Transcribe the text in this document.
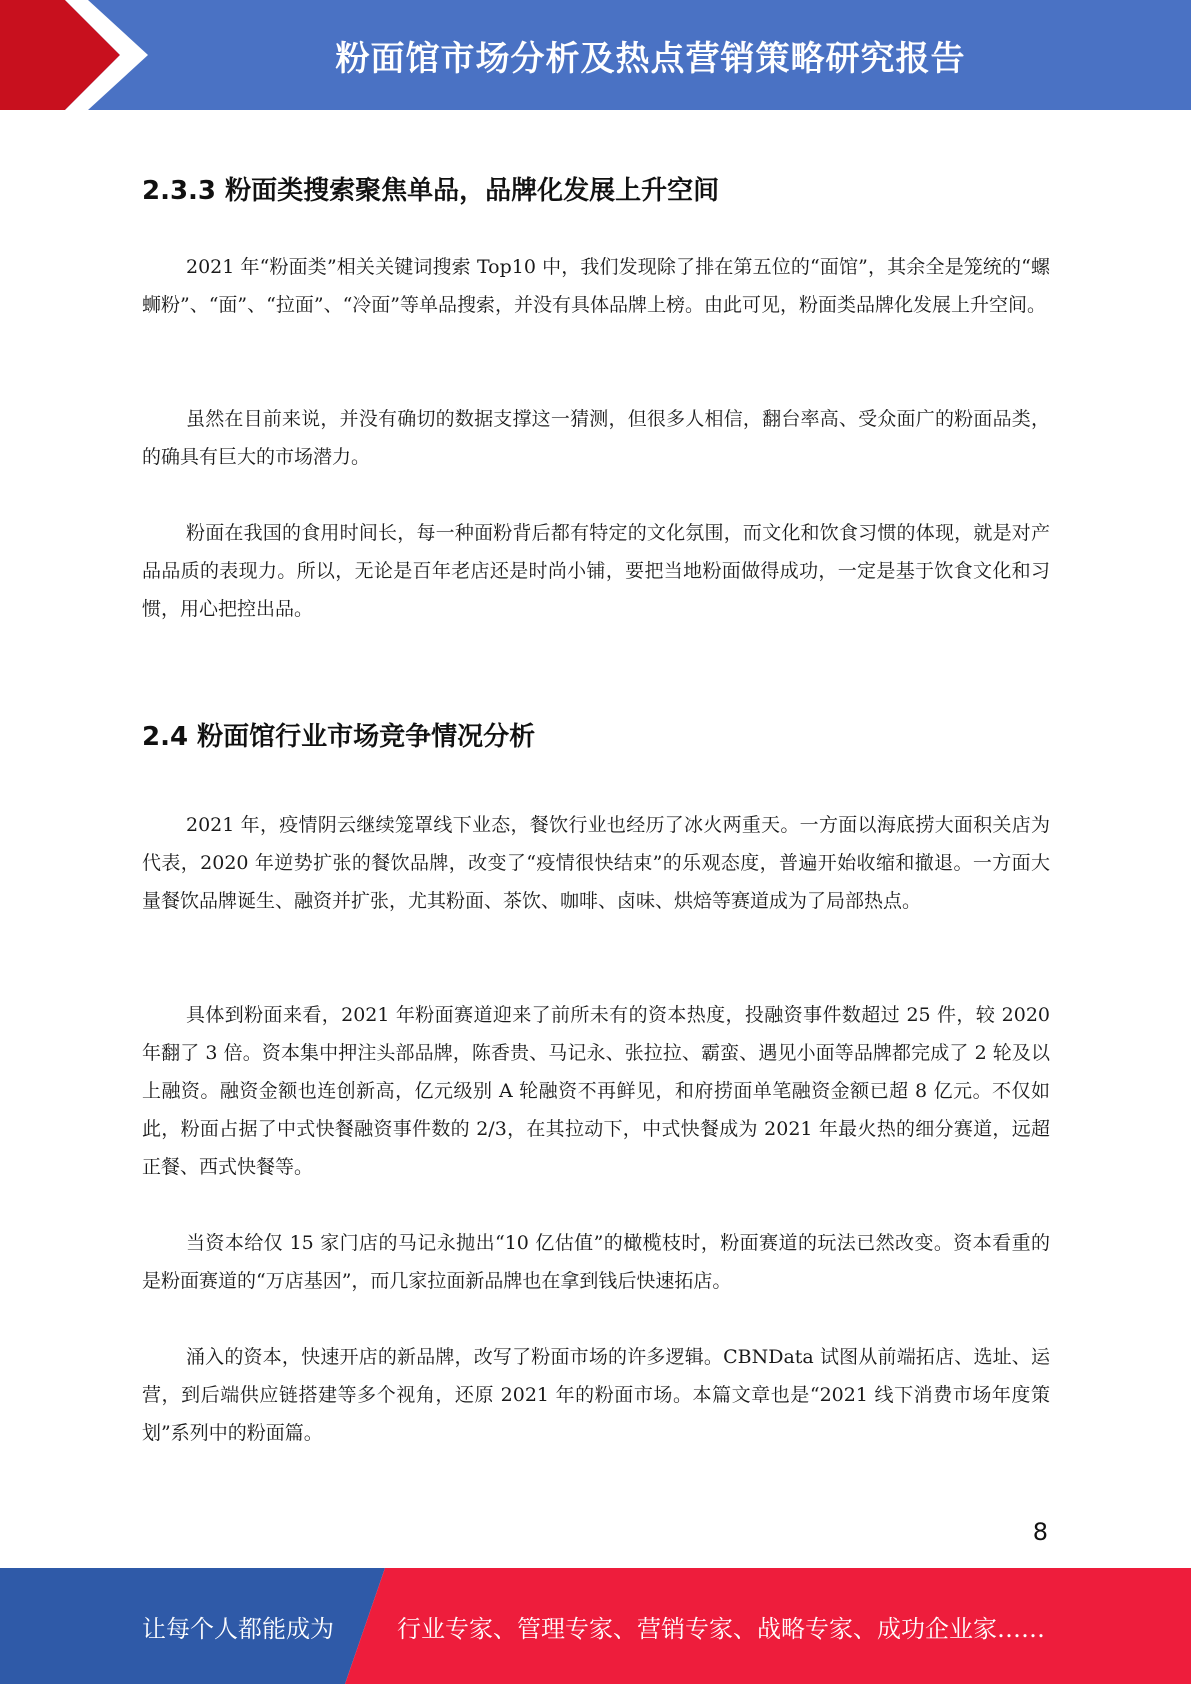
粉面馆市场分析及热点营销策略研究报告
2.3.3 粉面类搜索聚焦单品，品牌化发展上升空间
2021 年“粉面类”相关关键词搜索 Top10 中，我们发现除了排在第五位的“面馆”，其余全是笼统的“螺蛳粉”、“面”、“拉面”、“冷面”等单品搜索，并没有具体品牌上榜。由此可见，粉面类品牌化发展上升空间。
虽然在目前来说，并没有确切的数据支撑这一猜测，但很多人相信，翻台率高、受众面广的粉面品类，的确具有巨大的市场潜力。
粉面在我国的食用时间长，每一种面粉背后都有特定的文化氛围，而文化和饮食习惯的体现，就是对产品品质的表现力。所以，无论是百年老店还是时尚小铺，要把当地粉面做得成功，一定是基于饮食文化和习惯，用心把控出品。
2.4 粉面馆行业市场竞争情况分析
2021 年，疫情阴云继续笼罩线下业态，餐饮行业也经历了冰火两重天。一方面以海底捞大面积关店为代表，2020 年逆势扩张的餐饮品牌，改变了“疫情很快结束”的乐观态度，普遍开始收缩和撤退。一方面大量餐饮品牌诞生、融资并扩张，尤其粉面、茶饮、咖啡、卤味、烘焙等赛道成为了局部热点。
具体到粉面来看，2021 年粉面赛道迎来了前所未有的资本热度，投融资事件数超过 25 件，较 2020 年翻了 3 倍。资本集中押注头部品牌，陈香贵、马记永、张拉拉、霸蛮、遇见小面等品牌都完成了 2 轮及以上融资。融资金额也连创新高，亿元级别 A 轮融资不再鲜见，和府捞面单笔融资金额已超 8 亿元。不仅如此，粉面占据了中式快餐融资事件数的 2/3，在其拉动下，中式快餐成为 2021 年最火热的细分赛道，远超正餐、西式快餐等。
当资本给仅 15 家门店的马记永抛出“10 亿估值”的橄榄枝时，粉面赛道的玩法已然改变。资本看重的是粉面赛道的“万店基因”，而几家拉面新品牌也在拿到钱后快速拓店。
涌入的资本，快速开店的新品牌，改写了粉面市场的许多逻辑。CBNData 试图从前端拓店、选址、运营，到后端供应链搭建等多个视角，还原 2021 年的粉面市场。本篇文章也是“2021 线下消费市场年度策划”系列中的粉面篇。
8
让每个人都能成为	行业专家、管理专家、营销专家、战略专家、成功企业家……
